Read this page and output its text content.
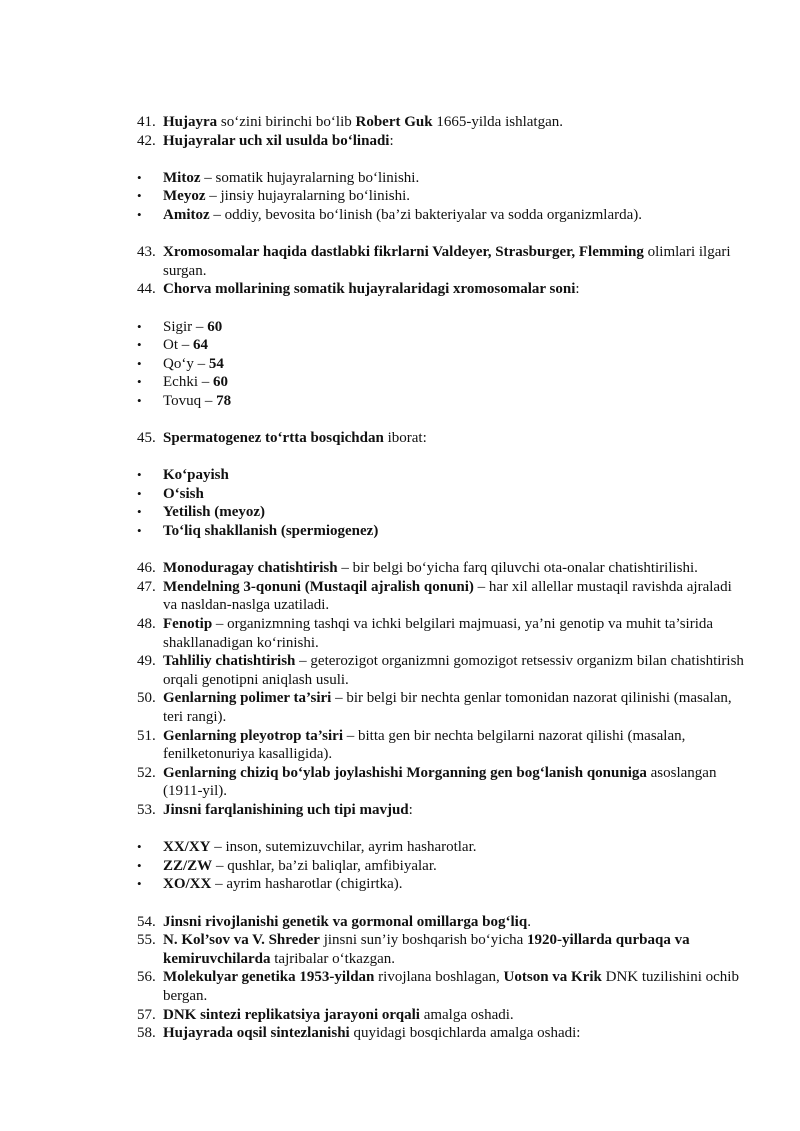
41. Hujayra so‘zini birinchi bo‘lib Robert Guk 1665-yilda ishlatgan.
42. Hujayralar uch xil usulda bo‘linadi:
•	Mitoz – somatik hujayralarning bo‘linishi.
•	Meyoz – jinsiy hujayralarning bo‘linishi.
•	Amitoz – oddiy, bevosita bo‘linish (ba’zi bakteriyalar va sodda organizmlarda).
43. Xromosomalar haqida dastlabki fikrlarni Valdeyer, Strasburger, Flemming olimlari ilgari surgan.
44. Chorva mollarining somatik hujayralaridagi xromosomalar soni:
•	Sigir – 60
•	Ot – 64
•	Qo‘y – 54
•	Echki – 60
•	Tovuq – 78
45. Spermatogenez to‘rtta bosqichdan iborat:
•	Ko‘payish
•	O‘sish
•	Yetilish (meyoz)
•	To‘liq shakllanish (spermiogenez)
46. Monoduragay chatishtirish – bir belgi bo‘yicha farq qiluvchi ota-onalar chatishtirilishi.
47. Mendelning 3-qonuni (Mustaqil ajralish qonuni) – har xil allellar mustaqil ravishda ajraladi va nasldan-naslga uzatiladi.
48. Fenotip – organizmning tashqi va ichki belgilari majmuasi, ya’ni genotip va muhit ta’sirida shakllanadigan ko‘rinishi.
49. Tahliliy chatishtirish – geterozigot organizmni gomozigot retsessiv organizm bilan chatishtirish orqali genotipni aniqlash usuli.
50. Genlarning polimer ta’siri – bir belgi bir nechta genlar tomonidan nazorat qilinishi (masalan, teri rangi).
51. Genlarning pleyotrop ta’siri – bitta gen bir nechta belgilarni nazorat qilishi (masalan, fenilketonuriya kasalligida).
52. Genlarning chiziq bo‘ylab joylashishi Morganning gen bog‘lanish qonuniga asoslangan (1911-yil).
53. Jinsni farqlanishining uch tipi mavjud:
•	XX/XY – inson, sutemizuvchilar, ayrim hasharotlar.
•	ZZ/ZW – qushlar, ba’zi baliqlar, amfibiyalar.
•	XO/XX – ayrim hasharotlar (chigirtka).
54. Jinsni rivojlanishi genetik va gormonal omillarga bog‘liq.
55. N. Kol’sov va V. Shreder jinsni sun’iy boshqarish bo‘yicha 1920-yillarda qurbaqa va kemiruvchilarda tajribalar o‘tkazgan.
56. Molekulyar genetika 1953-yildan rivojlana boshlagan, Uotson va Krik DNK tuzilishini ochib bergan.
57. DNK sintezi replikatsiya jarayoni orqali amalga oshadi.
58. Hujayrada oqsil sintezlanishi quyidagi bosqichlarda amalga oshadi:
